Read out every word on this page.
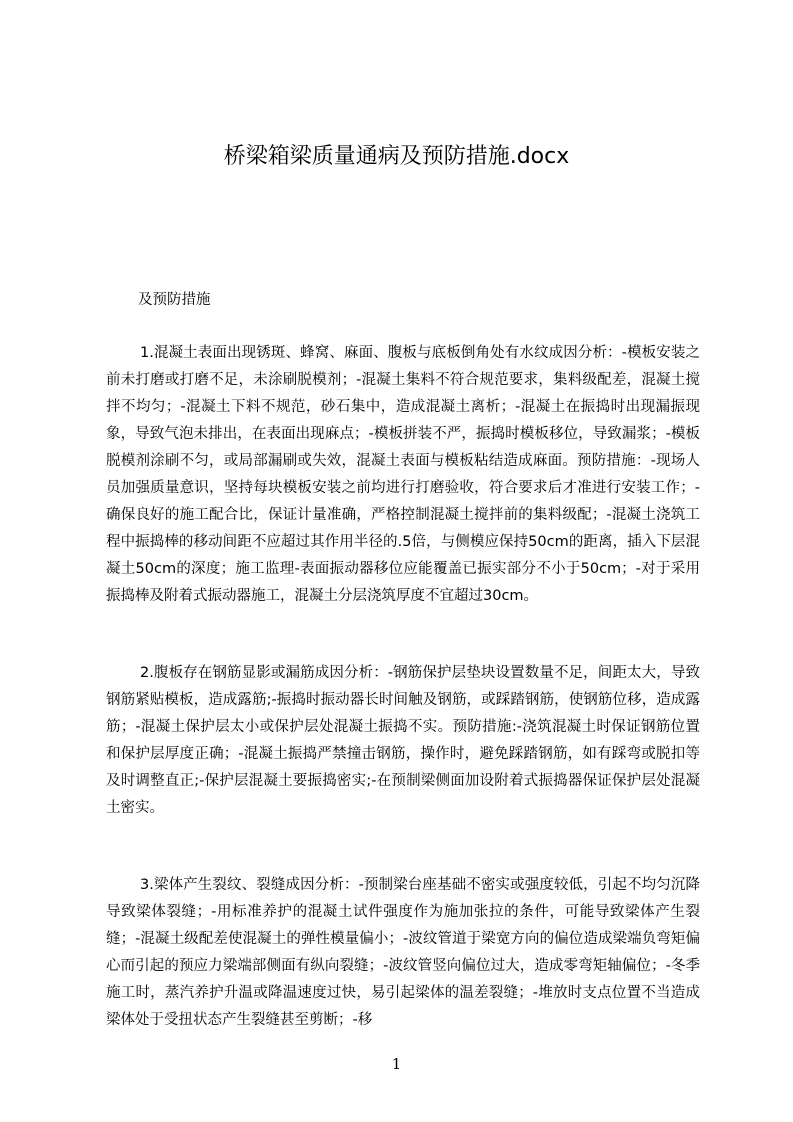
桥梁箱梁质量通病及预防措施.docx

及预防措施

1.混凝土表面出现锈斑、蜂窝、麻面、腹板与底板倒角处有水纹成因分析：-模板安装之前未打磨或打磨不足，未涂刷脱模剂；-混凝土集料不符合规范要求，集料级配差，混凝土搅拌不均匀；-混凝土下料不规范，砂石集中，造成混凝土离析；-混凝土在振捣时出现漏振现象，导致气泡未排出，在表面出现麻点；-模板拼装不严，振捣时模板移位，导致漏浆；-模板脱模剂涂刷不匀，或局部漏刷或失效，混凝土表面与模板粘结造成麻面。预防措施：-现场人员加强质量意识，坚持每块模板安装之前均进行打磨验收，符合要求后才准进行安装工作；-确保良好的施工配合比，保证计量准确，严格控制混凝土搅拌前的集料级配；-混凝土浇筑工程中振捣棒的移动间距不应超过其作用半径的.5倍，与侧模应保持50cm的距离，插入下层混凝土50cm的深度；施工监理-表面振动器移位应能覆盖已振实部分不小于50cm；-对于采用振捣棒及附着式振动器施工，混凝土分层浇筑厚度不宜超过30cm。

2.腹板存在钢筋显影或漏筋成因分析：-钢筋保护层垫块设置数量不足，间距太大，导致钢筋紧贴模板，造成露筋;-振捣时振动器长时间触及钢筋，或踩踏钢筋，使钢筋位移，造成露筋；-混凝土保护层太小或保护层处混凝土振捣不实。预防措施:-浇筑混凝土时保证钢筋位置和保护层厚度正确；-混凝土振捣严禁撞击钢筋，操作时，避免踩踏钢筋，如有踩弯或脱扣等及时调整直正;-保护层混凝土要振捣密实;-在预制梁侧面加设附着式振捣器保证保护层处混凝土密实。

3.梁体产生裂纹、裂缝成因分析：-预制梁台座基础不密实或强度较低，引起不均匀沉降导致梁体裂缝；-用标准养护的混凝土试件强度作为施加张拉的条件，可能导致梁体产生裂缝；-混凝土级配差使混凝土的弹性模量偏小；-波纹管道于梁宽方向的偏位造成梁端负弯矩偏心而引起的预应力梁端部侧面有纵向裂缝；-波纹管竖向偏位过大，造成零弯矩轴偏位；-冬季施工时，蒸汽养护升温或降温速度过快，易引起梁体的温差裂缝；-堆放时支点位置不当造成梁体处于受扭状态产生裂缝甚至剪断；-移

1
